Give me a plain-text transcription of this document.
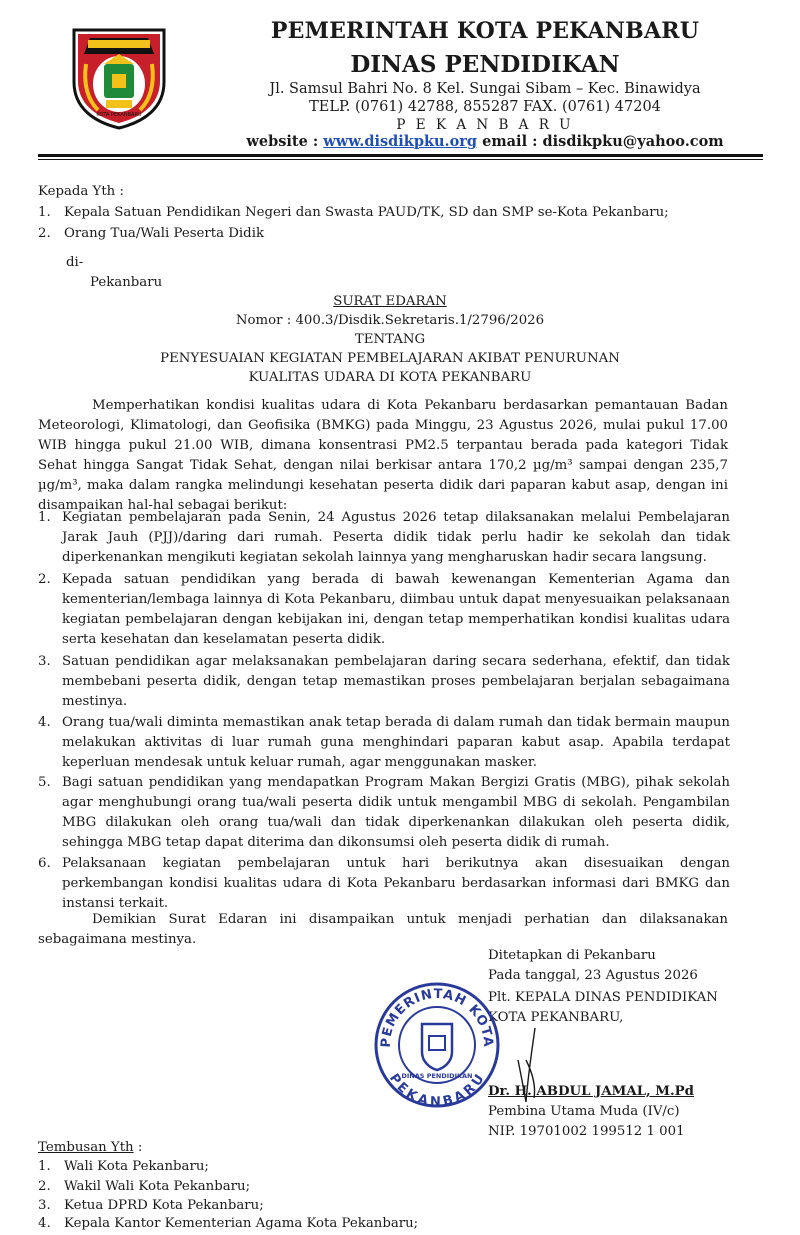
KOTA PEKANBARU
PEMERINTAH KOTA PEKANBARU
DINAS PENDIDIKAN
Jl. Samsul Bahri No. 8 Kel. Sungai Sibam – Kec. Binawidya
TELP. (0761) 42788, 855287 FAX. (0761) 47204
P E K A N B A R U
website : www.disdikpku.org email : disdikpku@yahoo.com
Kepada Yth :
1. Kepala Satuan Pendidikan Negeri dan Swasta PAUD/TK, SD dan SMP se-Kota Pekanbaru;
2. Orang Tua/Wali Peserta Didik
di-
Pekanbaru
SURAT EDARAN
Nomor : 400.3/Disdik.Sekretaris.1/2796/2026
TENTANG
PENYESUAIAN KEGIATAN PEMBELAJARAN AKIBAT PENURUNAN
KUALITAS UDARA DI KOTA PEKANBARU
Memperhatikan kondisi kualitas udara di Kota Pekanbaru berdasarkan pemantauan Badan Meteorologi, Klimatologi, dan Geofisika (BMKG) pada Minggu, 23 Agustus 2026, mulai pukul 17.00 WIB hingga pukul 21.00 WIB, dimana konsentrasi PM2.5 terpantau berada pada kategori Tidak Sehat hingga Sangat Tidak Sehat, dengan nilai berkisar antara 170,2 µg/m³ sampai dengan 235,7 µg/m³, maka dalam rangka melindungi kesehatan peserta didik dari paparan kabut asap, dengan ini disampaikan hal-hal sebagai berikut:
1. Kegiatan pembelajaran pada Senin, 24 Agustus 2026 tetap dilaksanakan melalui Pembelajaran Jarak Jauh (PJJ)/daring dari rumah. Peserta didik tidak perlu hadir ke sekolah dan tidak diperkenankan mengikuti kegiatan sekolah lainnya yang mengharuskan hadir secara langsung.
2. Kepada satuan pendidikan yang berada di bawah kewenangan Kementerian Agama dan kementerian/lembaga lainnya di Kota Pekanbaru, diimbau untuk dapat menyesuaikan pelaksanaan kegiatan pembelajaran dengan kebijakan ini, dengan tetap memperhatikan kondisi kualitas udara serta kesehatan dan keselamatan peserta didik.
3. Satuan pendidikan agar melaksanakan pembelajaran daring secara sederhana, efektif, dan tidak membebani peserta didik, dengan tetap memastikan proses pembelajaran berjalan sebagaimana mestinya.
4. Orang tua/wali diminta memastikan anak tetap berada di dalam rumah dan tidak bermain maupun melakukan aktivitas di luar rumah guna menghindari paparan kabut asap. Apabila terdapat keperluan mendesak untuk keluar rumah, agar menggunakan masker.
5. Bagi satuan pendidikan yang mendapatkan Program Makan Bergizi Gratis (MBG), pihak sekolah agar menghubungi orang tua/wali peserta didik untuk mengambil MBG di sekolah. Pengambilan MBG dilakukan oleh orang tua/wali dan tidak diperkenankan dilakukan oleh peserta didik, sehingga MBG tetap dapat diterima dan dikonsumsi oleh peserta didik di rumah.
6. Pelaksanaan kegiatan pembelajaran untuk hari berikutnya akan disesuaikan dengan perkembangan kondisi kualitas udara di Kota Pekanbaru berdasarkan informasi dari BMKG dan instansi terkait.
Demikian Surat Edaran ini disampaikan untuk menjadi perhatian dan dilaksanakan sebagaimana mestinya.
Ditetapkan di Pekanbaru
Pada tanggal, 23 Agustus 2026
Plt. KEPALA DINAS PENDIDIKAN
KOTA PEKANBARU,
PEMERINTAH KOTA
PEKANBARU
DINAS PENDIDIKAN
Dr. H. ABDUL JAMAL, M.Pd
Pembina Utama Muda (IV/c)
NIP. 19701002 199512 1 001
Tembusan Yth :
1. Wali Kota Pekanbaru;
2. Wakil Wali Kota Pekanbaru;
3. Ketua DPRD Kota Pekanbaru;
4. Kepala Kantor Kementerian Agama Kota Pekanbaru;
